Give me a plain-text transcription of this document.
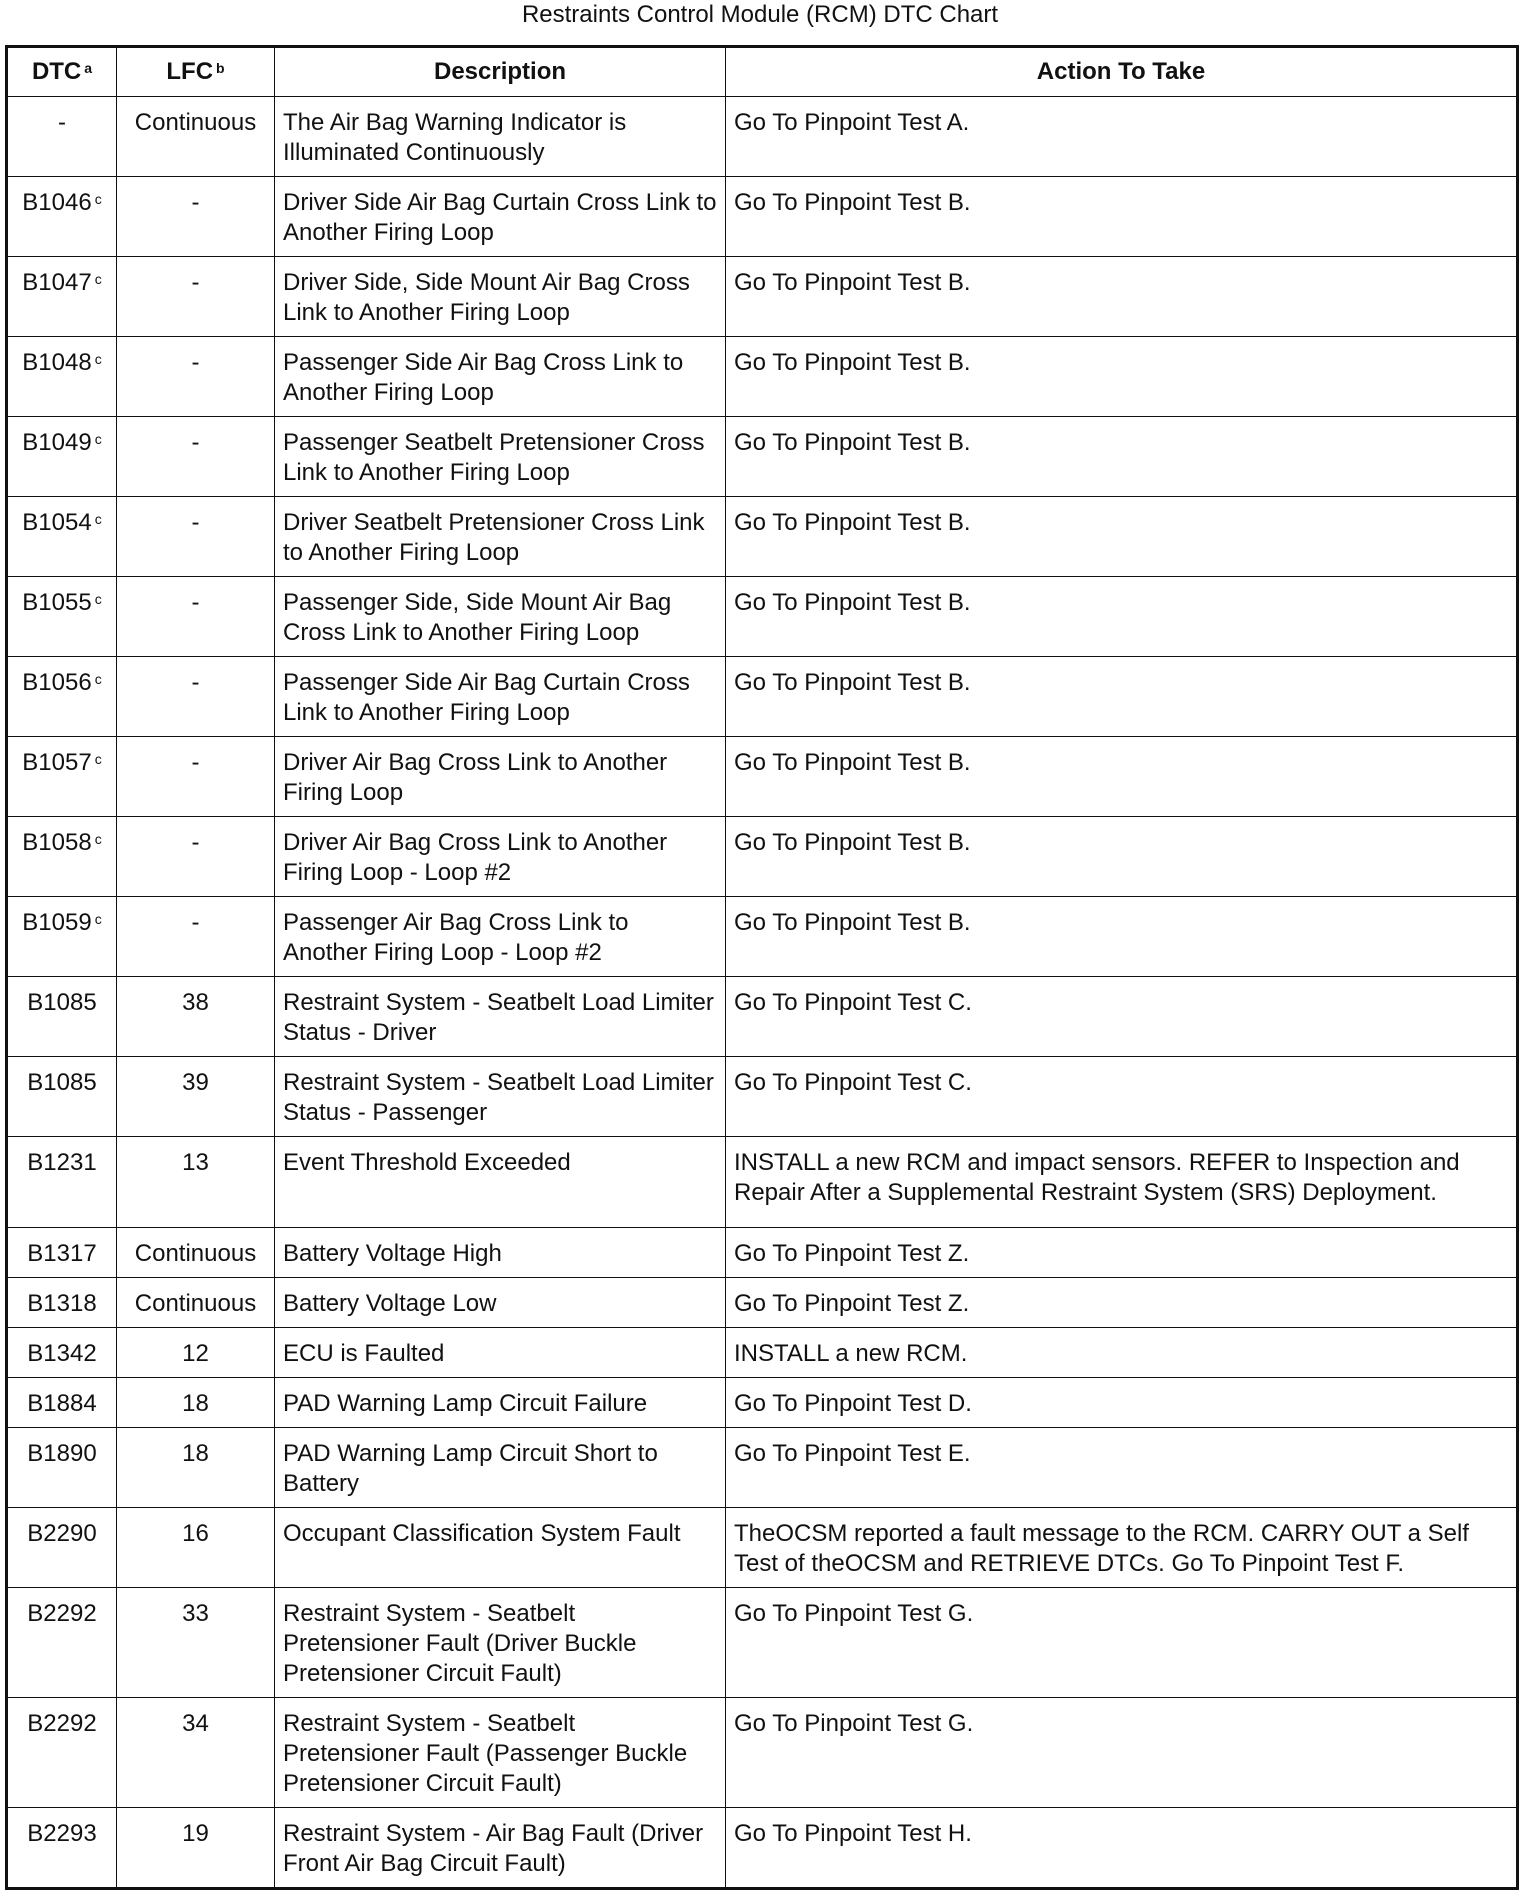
Restraints Control Module (RCM) DTC Chart
DTC $^a$	LFC $^b$	Description	Action To Take
-	Continuous	The Air Bag Warning Indicator is Illuminated Continuously	Go To Pinpoint Test A.
B1046 $^c$	-	Driver Side Air Bag Curtain Cross Link to Another Firing Loop	Go To Pinpoint Test B.
B1047 $^c$	-	Driver Side, Side Mount Air Bag Cross Link to Another Firing Loop	Go To Pinpoint Test B.
B1048 $^c$	-	Passenger Side Air Bag Cross Link to Another Firing Loop	Go To Pinpoint Test B.
B1049 $^c$	-	Passenger Seatbelt Pretensioner Cross Link to Another Firing Loop	Go To Pinpoint Test B.
B1054 $^c$	-	Driver Seatbelt Pretensioner Cross Link to Another Firing Loop	Go To Pinpoint Test B.
B1055 $^c$	-	Passenger Side, Side Mount Air Bag Cross Link to Another Firing Loop	Go To Pinpoint Test B.
B1056 $^c$	-	Passenger Side Air Bag Curtain Cross Link to Another Firing Loop	Go To Pinpoint Test B.
B1057 $^c$	-	Driver Air Bag Cross Link to Another Firing Loop	Go To Pinpoint Test B.
B1058 $^c$	-	Driver Air Bag Cross Link to Another Firing Loop - Loop #2	Go To Pinpoint Test B.
B1059 $^c$	-	Passenger Air Bag Cross Link to Another Firing Loop - Loop #2	Go To Pinpoint Test B.
B1085	38	Restraint System - Seatbelt Load Limiter Status - Driver	Go To Pinpoint Test C.
B1085	39	Restraint System - Seatbelt Load Limiter Status - Passenger	Go To Pinpoint Test C.
B1231	13	Event Threshold Exceeded	INSTALL a new RCM and impact sensors. REFER to Inspection and Repair After a Supplemental Restraint System (SRS) Deployment.
B1317	Continuous	Battery Voltage High	Go To Pinpoint Test Z.
B1318	Continuous	Battery Voltage Low	Go To Pinpoint Test Z.
B1342	12	ECU is Faulted	INSTALL a new RCM.
B1884	18	PAD Warning Lamp Circuit Failure	Go To Pinpoint Test D.
B1890	18	PAD Warning Lamp Circuit Short to Battery	Go To Pinpoint Test E.
B2290	16	Occupant Classification System Fault	TheOCSM reported a fault message to the RCM. CARRY OUT a Self Test of theOCSM and RETRIEVE DTCs. Go To Pinpoint Test F.
B2292	33	Restraint System - Seatbelt Pretensioner Fault (Driver Buckle Pretensioner Circuit Fault)	Go To Pinpoint Test G.
B2292	34	Restraint System - Seatbelt Pretensioner Fault (Passenger Buckle Pretensioner Circuit Fault)	Go To Pinpoint Test G.
B2293	19	Restraint System - Air Bag Fault (Driver Front Air Bag Circuit Fault)	Go To Pinpoint Test H.
